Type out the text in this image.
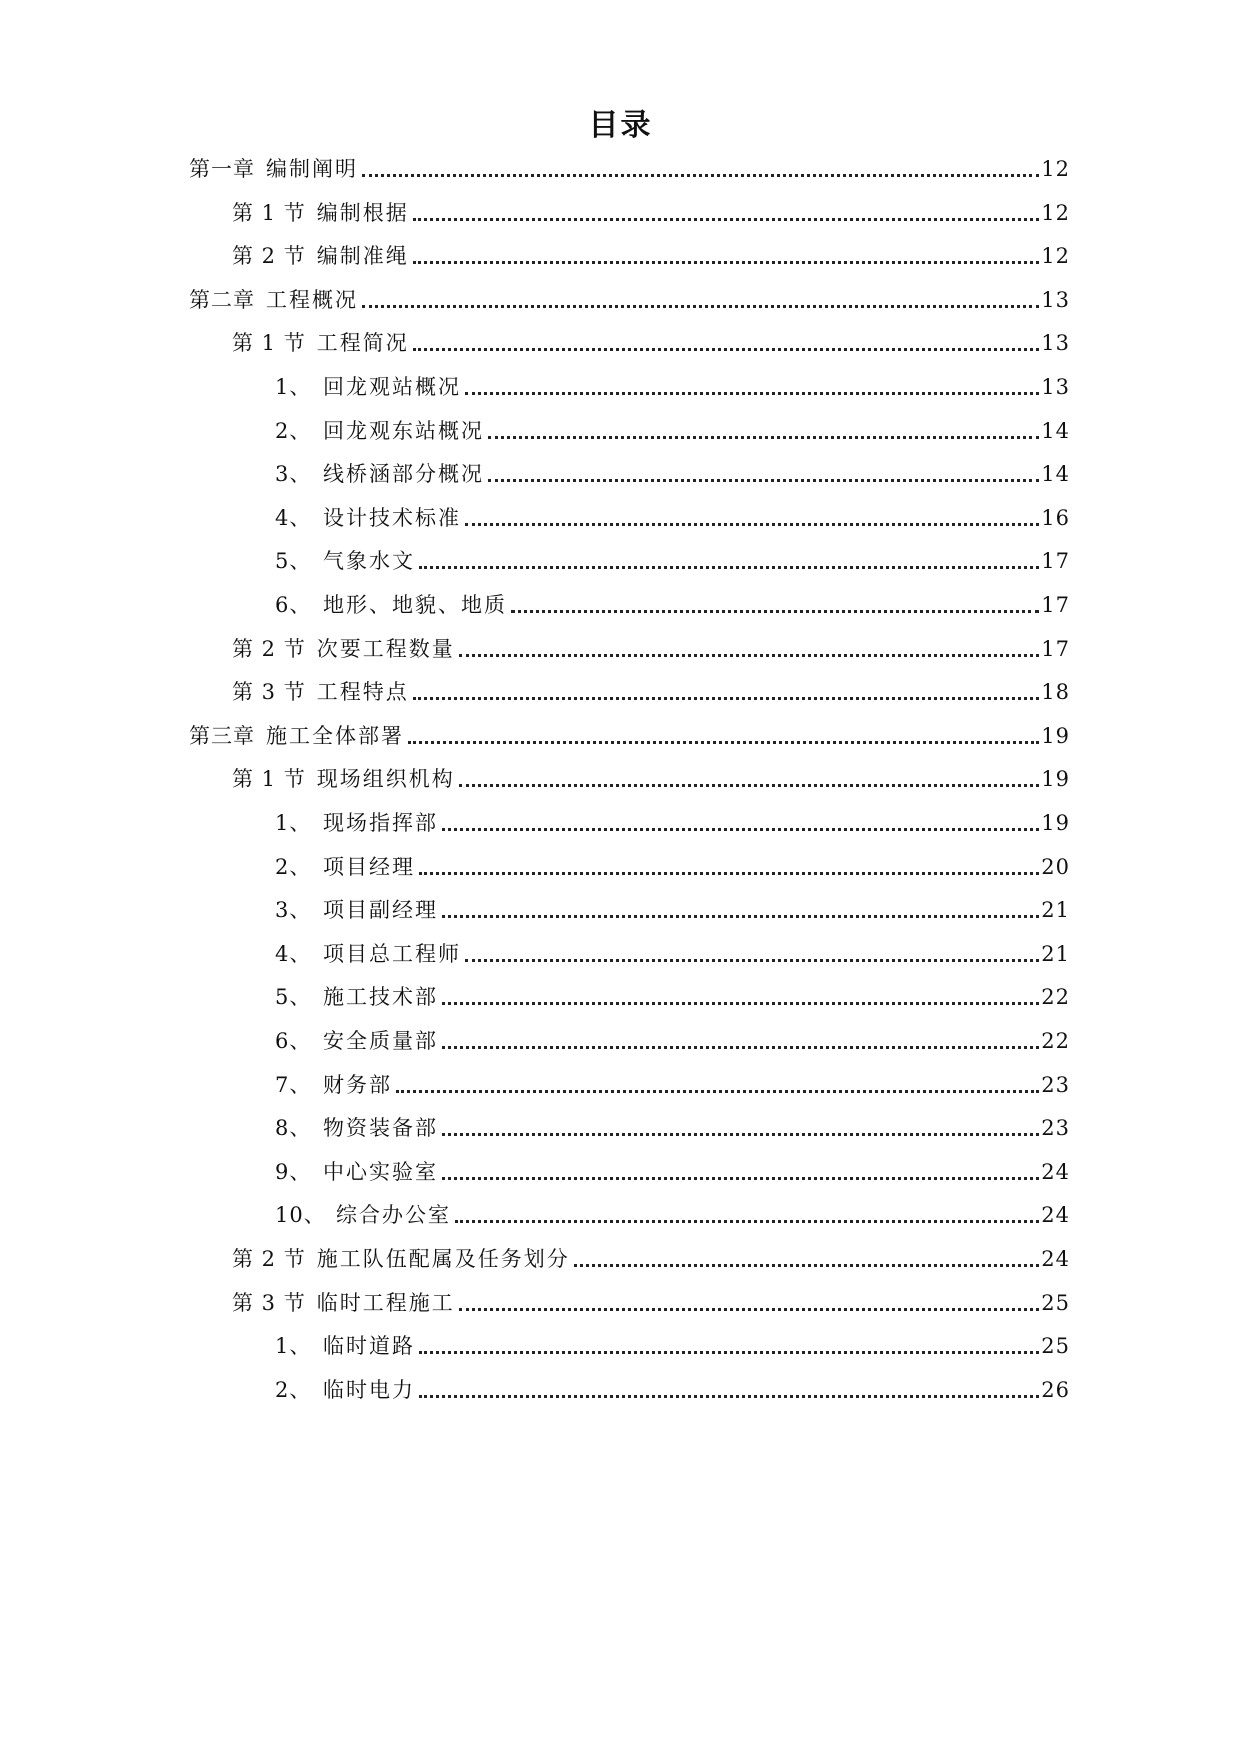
目录
第一章 编制阐明	12
第 1 节 编制根据	12
第 2 节 编制准绳	12
第二章 工程概况	13
第 1 节 工程简况	13
1、 回龙观站概况	13
2、 回龙观东站概况	14
3、 线桥涵部分概况	14
4、 设计技术标准	16
5、 气象水文	17
6、 地形、地貌、地质	17
第 2 节 次要工程数量	17
第 3 节 工程特点	18
第三章 施工全体部署	19
第 1 节 现场组织机构	19
1、 现场指挥部	19
2、 项目经理	20
3、 项目副经理	21
4、 项目总工程师	21
5、 施工技术部	22
6、 安全质量部	22
7、 财务部	23
8、 物资装备部	23
9、 中心实验室	24
10、 综合办公室	24
第 2 节 施工队伍配属及任务划分	24
第 3 节 临时工程施工	25
1、 临时道路	25
2、 临时电力	26
